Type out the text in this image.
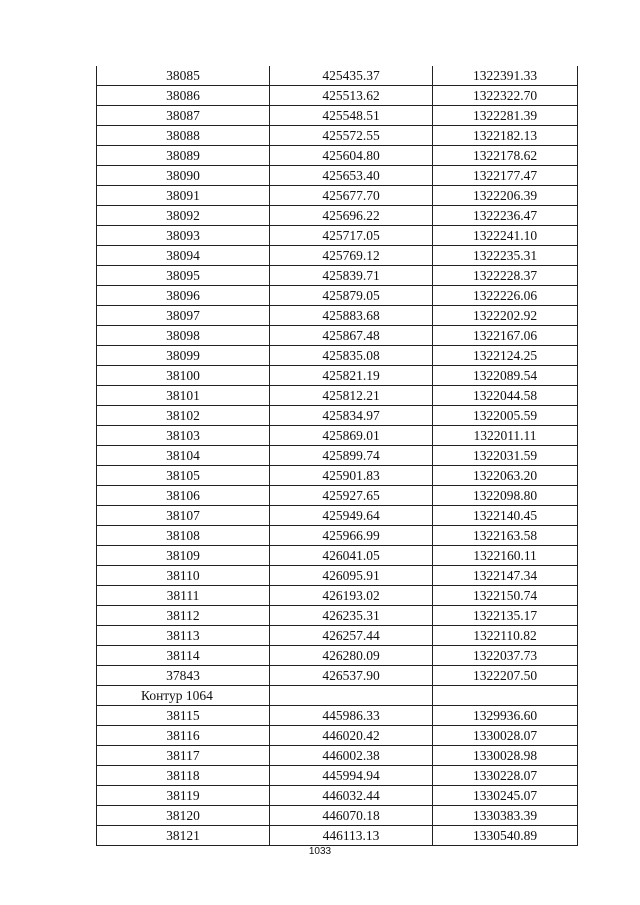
38085	425435.37	1322391.33
38086	425513.62	1322322.70
38087	425548.51	1322281.39
38088	425572.55	1322182.13
38089	425604.80	1322178.62
38090	425653.40	1322177.47
38091	425677.70	1322206.39
38092	425696.22	1322236.47
38093	425717.05	1322241.10
38094	425769.12	1322235.31
38095	425839.71	1322228.37
38096	425879.05	1322226.06
38097	425883.68	1322202.92
38098	425867.48	1322167.06
38099	425835.08	1322124.25
38100	425821.19	1322089.54
38101	425812.21	1322044.58
38102	425834.97	1322005.59
38103	425869.01	1322011.11
38104	425899.74	1322031.59
38105	425901.83	1322063.20
38106	425927.65	1322098.80
38107	425949.64	1322140.45
38108	425966.99	1322163.58
38109	426041.05	1322160.11
38110	426095.91	1322147.34
38111	426193.02	1322150.74
38112	426235.31	1322135.17
38113	426257.44	1322110.82
38114	426280.09	1322037.73
37843	426537.90	1322207.50
Контур 1064		
38115	445986.33	1329936.60
38116	446020.42	1330028.07
38117	446002.38	1330028.98
38118	445994.94	1330228.07
38119	446032.44	1330245.07
38120	446070.18	1330383.39
38121	446113.13	1330540.89
1033
